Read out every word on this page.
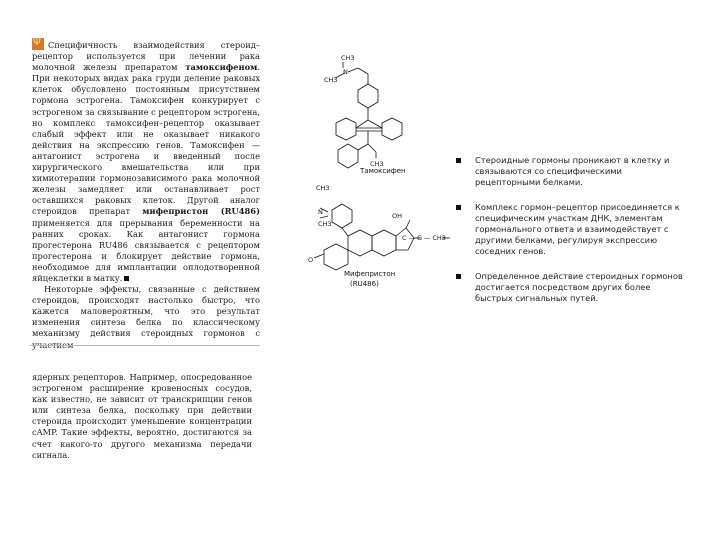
ΨСпецифичность взаимодействия стероид–рецептор используется при лечении рака молочной железы препаратом тамоксифеном. При некоторых видах рака груди деление раковых клеток обусловлено постоянным присутствием гормона эстрогена. Тамоксифен конкурирует с эстрогеном за связывание с рецептором эстрогена, но комплекс тамоксифен–рецептор оказывает слабый эффект или не оказывает никакого действия на экспрессию генов. Тамоксифен — антагонист эстрогена и введенный после хирургического вмешательства или при химиотерапии гормонозависимого рака молочной железы замедляет или останавливает рост оставшихся раковых клеток. Другой аналог стероидов препарат мифепристон (RU486) применяется для прерывания беременности на ранних сроках. Как антагонист гормона прогестерона RU486 связывается с рецептором прогестерона и блокирует действие гормона, необходимое для имплантации оплодотворенной яйцеклетки в матку.

Некоторые эффекты, связанные с действием стероидов, происходят настолько быстро, что кажется маловероятным, что это результат изменения синтеза белка по классическому механизму действия стероидных гормонов с

ядерных рецепторов. Например, опосредованное эстрогеном расширение кровеносных сосудов, как известно, не зависит от транскрипции генов или синтеза белка, поскольку при действии стероида происходит уменьшение концентрации cAMP. Такие эффекты, вероятно, достигаются за счет какого-то другого механизма передачи сигнала.

CH3
N
CH3
CH3
Тамоксифен
CH3
N
CH3
OH
C — C — CH3
O
Мифепристон
(RU486)
Стероидные гормоны проникают в клетку и связываются со специфическими рецепторными белками.
Комплекс гормон–рецептор присоединяется к специфическим участкам ДНК, элементам гормонального ответа и взаимодействует с другими белками, регулируя экспрессию соседних генов.
Определенное действие стероидных гормонов достигается посредством других более быстрых сигнальных путей.
